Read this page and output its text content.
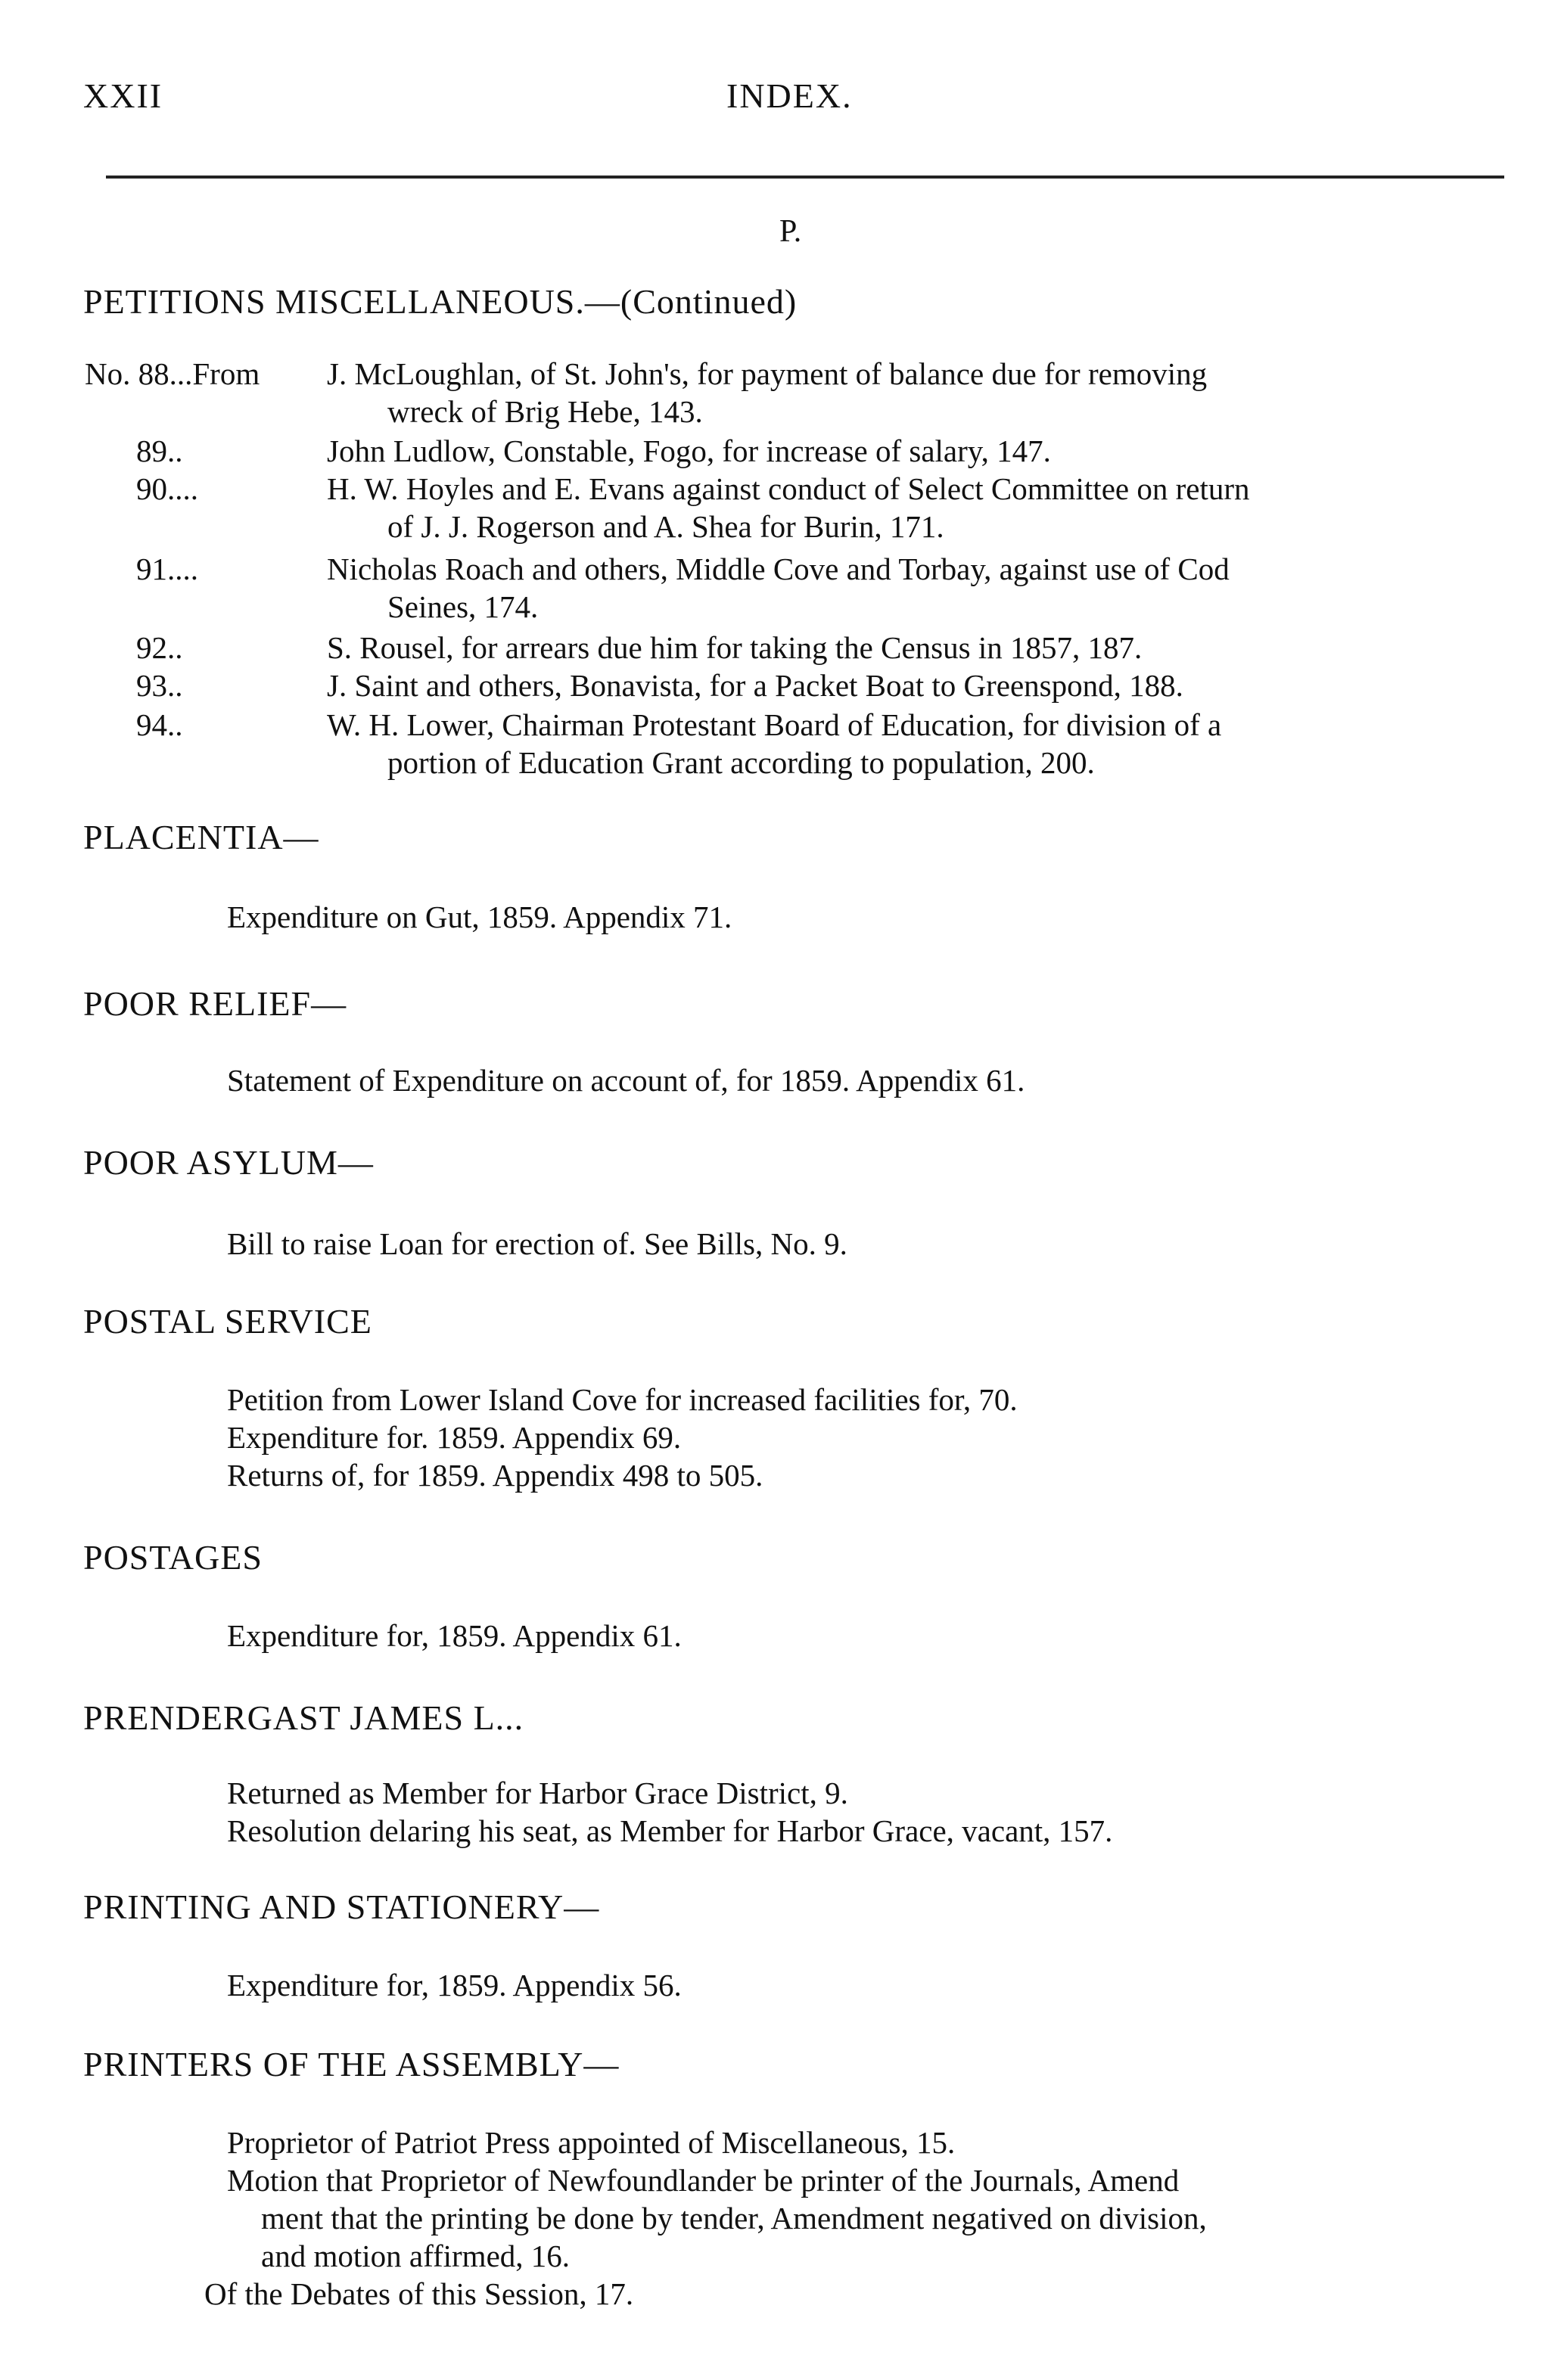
XXII	INDEX.
P.
PETITIONS MISCELLANEOUS.—(Continued)
No. 88...From J. McLoughlan, of St. John's, for payment of balance due for removing
wreck of Brig Hebe, 143.
89..	John Ludlow, Constable, Fogo, for increase of salary, 147.
90....	H. W. Hoyles and E. Evans against conduct of Select Committee on return
of J. J. Rogerson and A. Shea for Burin, 171.
91....	Nicholas Roach and others, Middle Cove and Torbay, against use of Cod
Seines, 174.
92..	S. Rousel, for arrears due him for taking the Census in 1857, 187.
93..	J. Saint and others, Bonavista, for a Packet Boat to Greenspond, 188.
94..	W. H. Lower, Chairman Protestant Board of Education, for division of a
portion of Education Grant according to population, 200.
PLACENTIA—
Expenditure on Gut, 1859. Appendix 71.
POOR RELIEF—
Statement of Expenditure on account of, for 1859. Appendix 61.
POOR ASYLUM—
Bill to raise Loan for erection of. See Bills, No. 9.
POSTAL SERVICE
Petition from Lower Island Cove for increased facilities for, 70.
Expenditure for. 1859. Appendix 69.
Returns of, for 1859. Appendix 498 to 505.
POSTAGES
Expenditure for, 1859. Appendix 61.
PRENDERGAST JAMES L...
Returned as Member for Harbor Grace District, 9.
Resolution delaring his seat, as Member for Harbor Grace, vacant, 157.
PRINTING AND STATIONERY—
Expenditure for, 1859. Appendix 56.
PRINTERS OF THE ASSEMBLY—
Proprietor of Patriot Press appointed of Miscellaneous, 15.
Motion that Proprietor of Newfoundlander be printer of the Journals, Amend
ment that the printing be done by tender, Amendment negatived on division,
and motion affirmed, 16.
Of the Debates of this Session, 17.
